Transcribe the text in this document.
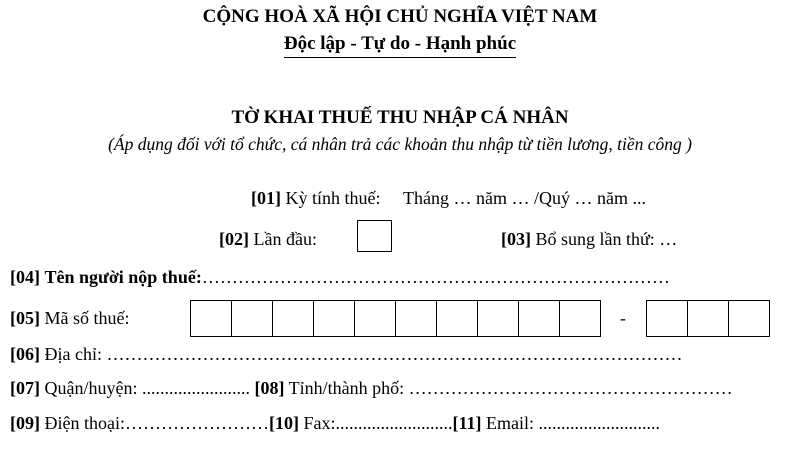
CỘNG HOÀ XÃ HỘI CHỦ NGHĨA VIỆT NAM
Độc lập - Tự do - Hạnh phúc
TỜ KHAI THUẾ THU NHẬP CÁ NHÂN
(Áp dụng đối với tổ chức, cá nhân trả các khoản thu nhập từ tiền lương, tiền công )
[01] Kỳ tính thuế: Tháng … năm … /Quý … năm ...
[02] Lần đầu:	[03] Bổ sung lần thứ: …
[04] Tên người nộp thuế:……………………………………………………………………
[05] Mã số thuế:	-
[06] Địa chỉ: ……………………………………………………………………………………
[07] Quận/huyện: ........................ [08] Tỉnh/thành phố: ………………………………………………
[09] Điện thoại:……………………[10] Fax:..........................[11] Email: ...........................
